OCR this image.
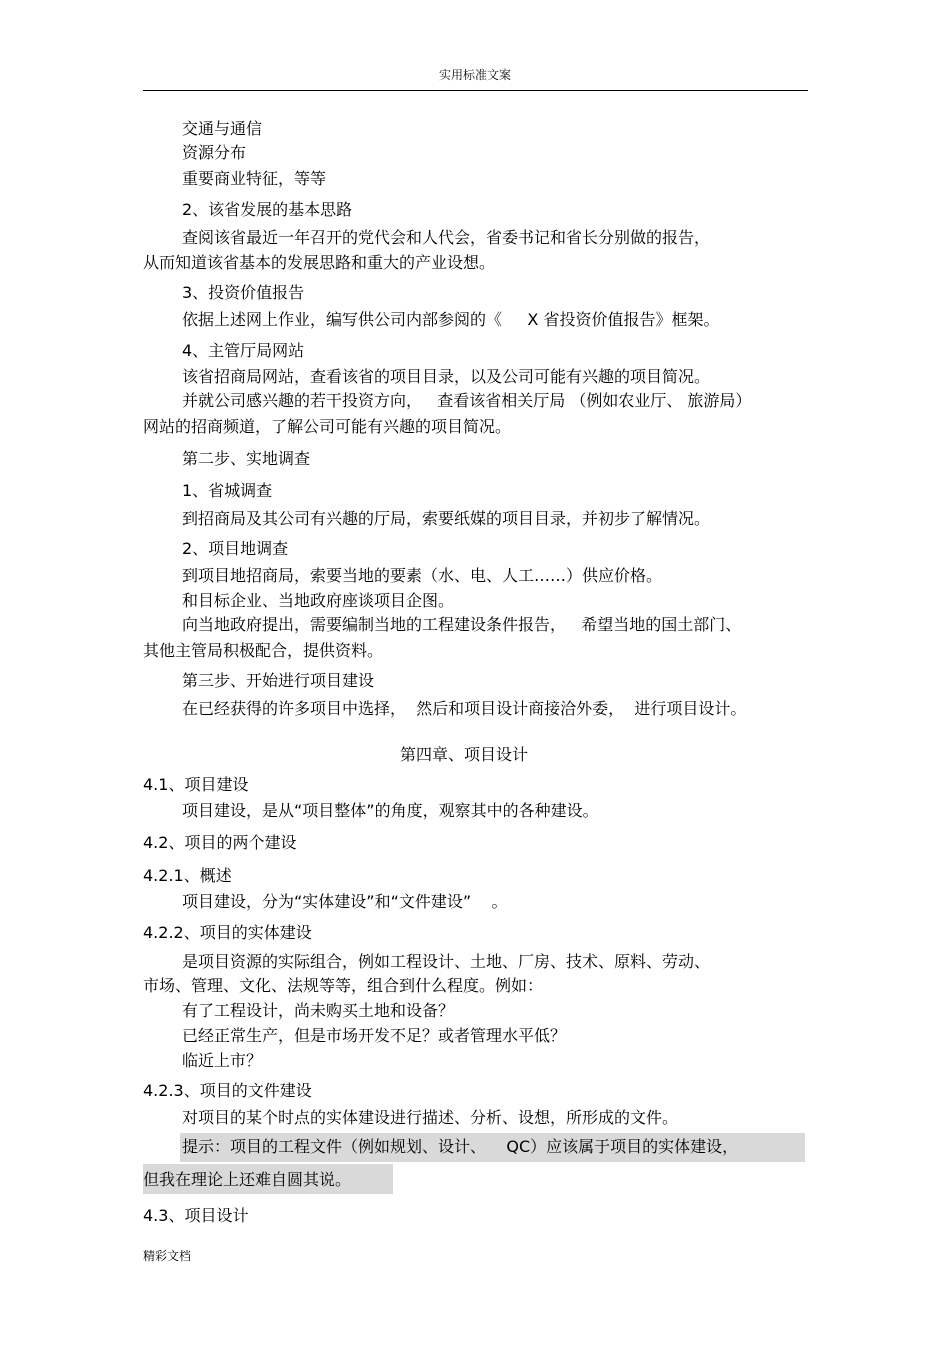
实用标准文案
交通与通信
资源分布
重要商业特征，等等
2、该省发展的基本思路
查阅该省最近一年召开的党代会和人代会，省委书记和省长分别做的报告，
从而知道该省基本的发展思路和重大的产业设想。
3、投资价值报告
依据上述网上作业，编写供公司内部参阅的《     X 省投资价值报告》框架。
4、主管厅局网站
该省招商局网站，查看该省的项目目录，以及公司可能有兴趣的项目简况。
并就公司感兴趣的若干投资方向，   查看该省相关厅局 （例如农业厅、 旅游局）
网站的招商频道，了解公司可能有兴趣的项目简况。
第二步、实地调查
1、省城调查
到招商局及其公司有兴趣的厅局，索要纸媒的项目目录，并初步了解情况。
2、项目地调查
到项目地招商局，索要当地的要素（水、电、人工……）供应价格。
和目标企业、当地政府座谈项目企图。
向当地政府提出，需要编制当地的工程建设条件报告，   希望当地的国土部门、
其他主管局积极配合，提供资料。
第三步、开始进行项目建设
在已经获得的许多项目中选择，  然后和项目设计商接洽外委，  进行项目设计。
第四章、项目设计
4.1、项目建设
项目建设，是从“项目整体”的角度，观察其中的各种建设。
4.2、项目的两个建设
4.2.1、概述
项目建设，分为“实体建设”和“文件建设”    。
4.2.2、项目的实体建设
是项目资源的实际组合，例如工程设计、土地、厂房、技术、原料、劳动、
市场、管理、文化、法规等等，组合到什么程度。例如：
有了工程设计，尚未购买土地和设备？
已经正常生产，但是市场开发不足？或者管理水平低？
临近上市？
4.2.3、项目的文件建设
对项目的某个时点的实体建设进行描述、分析、设想，所形成的文件。
提示：项目的工程文件（例如规划、设计、    QC）应该属于项目的实体建设，
但我在理论上还难自圆其说。
4.3、项目设计
精彩文档
